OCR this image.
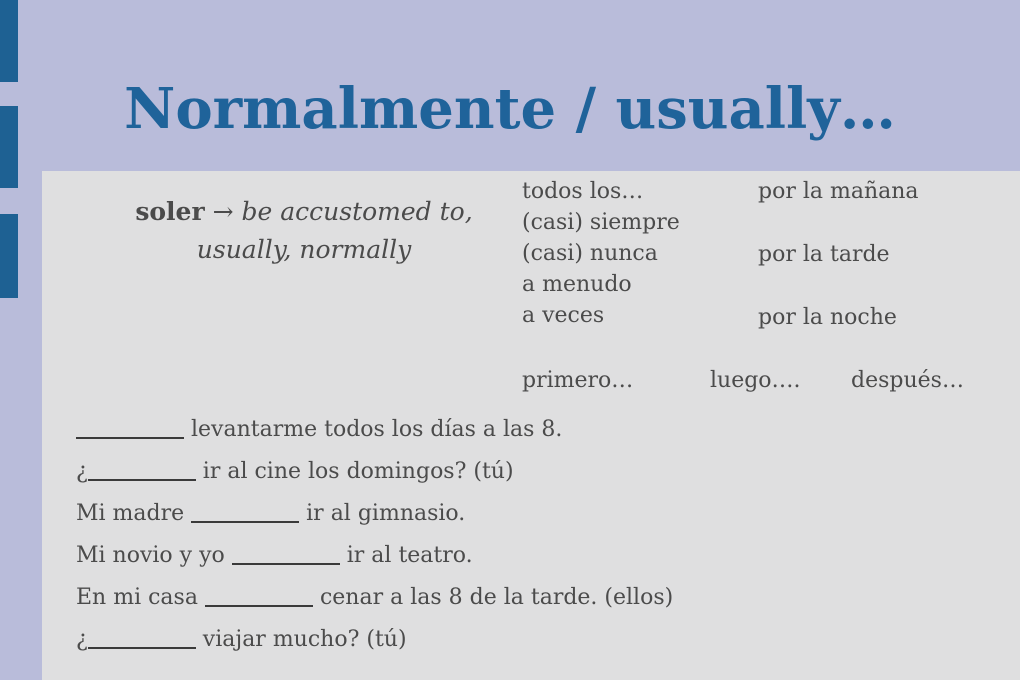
Normalmente / usually…
soler → be accustomed to,
usually, normally
todos los…
(casi) siempre
(casi) nunca
a menudo
a veces
por la mañana
por la tarde
por la noche
primero…	luego…. después…
levantarme todos los días a las 8.
¿	ir al cine los domingos? (tú)
Mi madre	ir al gimnasio.
Mi novio y yo	ir al teatro.
En mi casa	cenar a las 8 de la tarde. (ellos)
¿	viajar mucho? (tú)
